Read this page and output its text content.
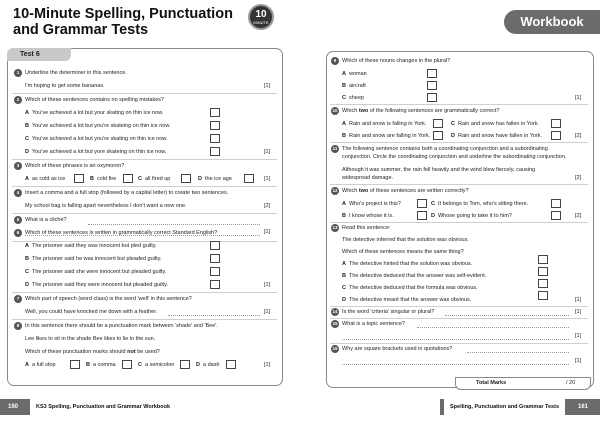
10-Minute Spelling, Punctuation
and Grammar Tests
10
MINUTE	Workbook
Test 6
1	Underline the determiner in this sentence.
I'm hoping to get some bananas.	[1]
2	Which of these sentences contains no spelling mistakes?
A You've achieved a lot but your skating on thin ice now.
B You've achieved a lot but you're skateing on thin ice now.
C You've achieved a lot but you're skating on thin ice now.
D You've achieved a lot but yore skateing on thin ice now.	[1]
3	Which of these phrases is an oxymoron?
A as cold as ice	B cold fire	C all fired up	D the ice age	[1]
4	Insert a comma and a full stop (followed by a capital letter) to create two sentences.
My school bag is falling apart nevertheless I don't want a new one.	[2]
5	What is a cliché?
[1]
6	Which of these sentences is written in grammatically correct Standard English?
A The prisoner said they was innocent but pled guilty.
B The prisoner said he was innocent but pleaded guilty.
C The prisoner said she were innocent but pleaded guilty.
D The prisoner said they were innocent but pleaded guilty.	[1]
7	Which part of speech (word class) is the word 'well' in this sentence?
Well, you could have knocked me down with a feather.	[1]
8	In this sentence there should be a punctuation mark between 'shade' and 'Bee'.
Lee likes to sit in the shade Bee likes to lie in the sun.
Which of these punctuation marks should not be used?
A a full stop	B a comma	C a semicolon	D a dash	[1]
9	Which of these nouns changes in the plural?
A woman
B aircraft
C sheep	[1]
10 Which two of the following sentences are grammatically correct?
A Rain and snow is falling in York.	C Rain and snow has fallen in York.
B Rain and snow are falling in York.	D Rain and snow have fallen in York.	[2]
11 The following sentence contains both a coordinating conjunction and a subordinating
conjunction. Circle the coordinating conjunction and underline the subordinating conjunction.
Although it was summer, the rain fell heavily and the wind blew fiercely, causing
widespread damage.	[2]
12 Which two of these sentences are written correctly?
A Who's project is this?	C It belongs to Tom, who's sitting there.
B I know whose it is.	D Whose going to take it to him?	[2]
13 Read this sentence:
The detective inferred that the solution was obvious.
Which of these sentences means the same thing?
A The detective hinted that the solution was obvious.
B The detective deduced that the answer was self-evident.
C The detective deduced that the formula was obvious.
D The detective meant that the answer was obvious.	[1]
14 Is the word 'criteria' singular or plural?	[1]
15 What is a topic sentence?
[1]
16 Why are square brackets used in quotations?
[1]
Total Marks	/ 20
160	KS3 Spelling, Punctuation and Grammar Workbook	Spelling, Punctuation and Grammar Tests	161
